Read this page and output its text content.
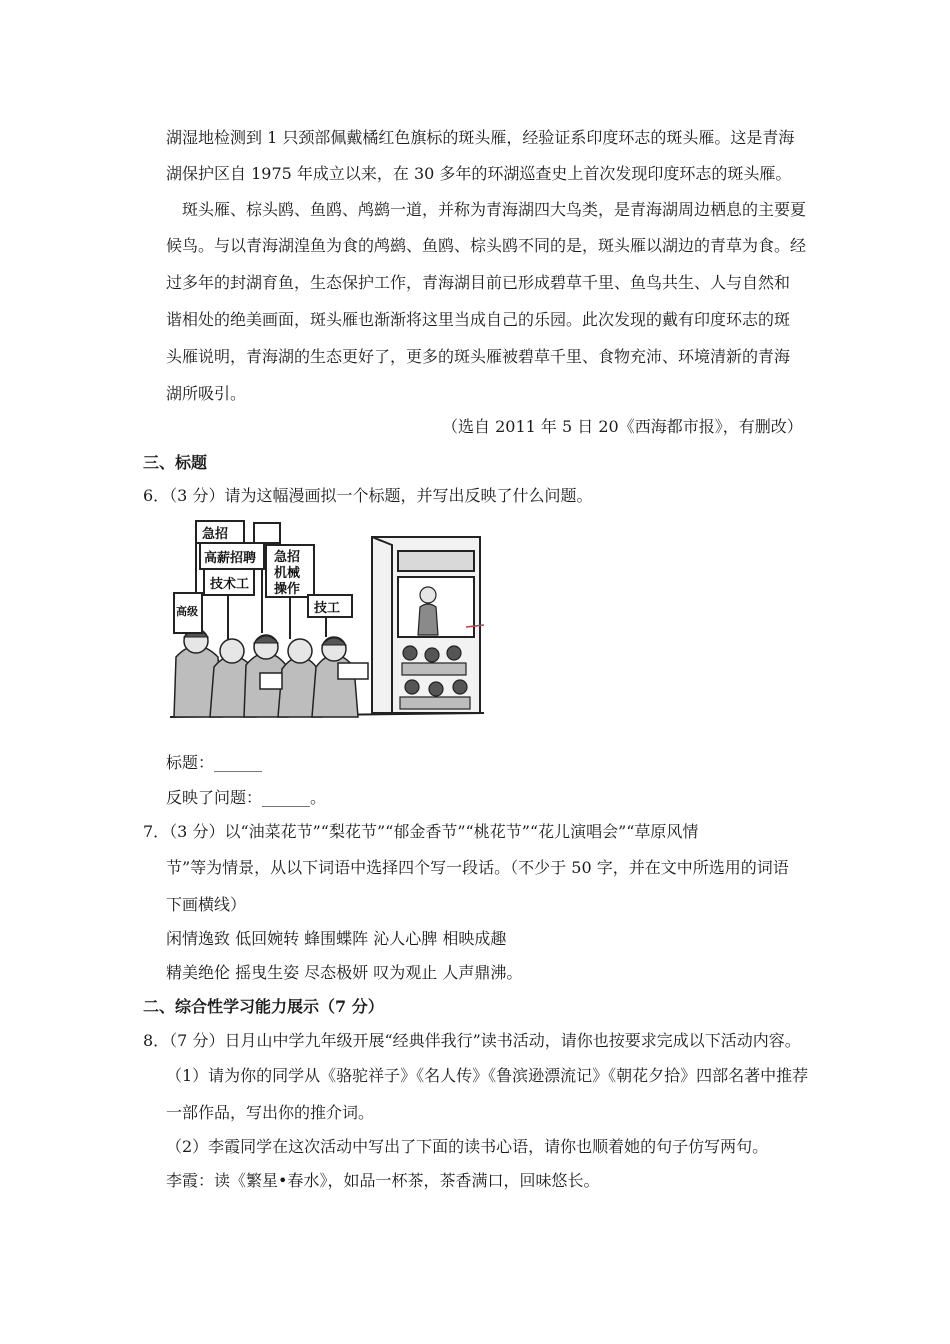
湖湿地检测到 1 只颈部佩戴橘红色旗标的斑头雁，经验证系印度环志的斑头雁。这是青海
湖保护区自 1975 年成立以来，在 30 多年的环湖巡查史上首次发现印度环志的斑头雁。
斑头雁、棕头鸥、鱼鸥、鸬鹚一道，并称为青海湖四大鸟类，是青海湖周边栖息的主要夏
候鸟。与以青海湖湟鱼为食的鸬鹚、鱼鸥、棕头鸥不同的是，斑头雁以湖边的青草为食。经
过多年的封湖育鱼，生态保护工作，青海湖目前已形成碧草千里、鱼鸟共生、人与自然和
谐相处的绝美画面，斑头雁也渐渐将这里当成自己的乐园。此次发现的戴有印度环志的斑
头雁说明，青海湖的生态更好了，更多的斑头雁被碧草千里、食物充沛、环境清新的青海
湖所吸引。
（选自 2011 年 5 日 20《西海都市报》，有删改）
三、标题
6．（3 分）请为这幅漫画拟一个标题，并写出反映了什么问题。
急招
高薪招聘
技术工
急招
机械
操作
技工
高级
标题：______
反映了问题：______。
7．（3 分）以“油菜花节”“梨花节”“郁金香节”“桃花节”“花儿演唱会”“草原风情
节”等为情景，从以下词语中选择四个写一段话。（不少于 50 字，并在文中所选用的词语
下画横线）
闲情逸致 低回婉转 蜂围蝶阵 沁人心脾 相映成趣
精美绝伦 摇曳生姿 尽态极妍 叹为观止 人声鼎沸。
二、综合性学习能力展示（7 分）
8．（7 分）日月山中学九年级开展“经典伴我行”读书活动，请你也按要求完成以下活动内容。
（1）请为你的同学从《骆驼祥子》《名人传》《鲁滨逊漂流记》《朝花夕拾》四部名著中推荐
一部作品，写出你的推介词。
（2）李霞同学在这次活动中写出了下面的读书心语，请你也顺着她的句子仿写两句。
李霞：读《繁星•春水》，如品一杯茶，茶香满口，回味悠长。
